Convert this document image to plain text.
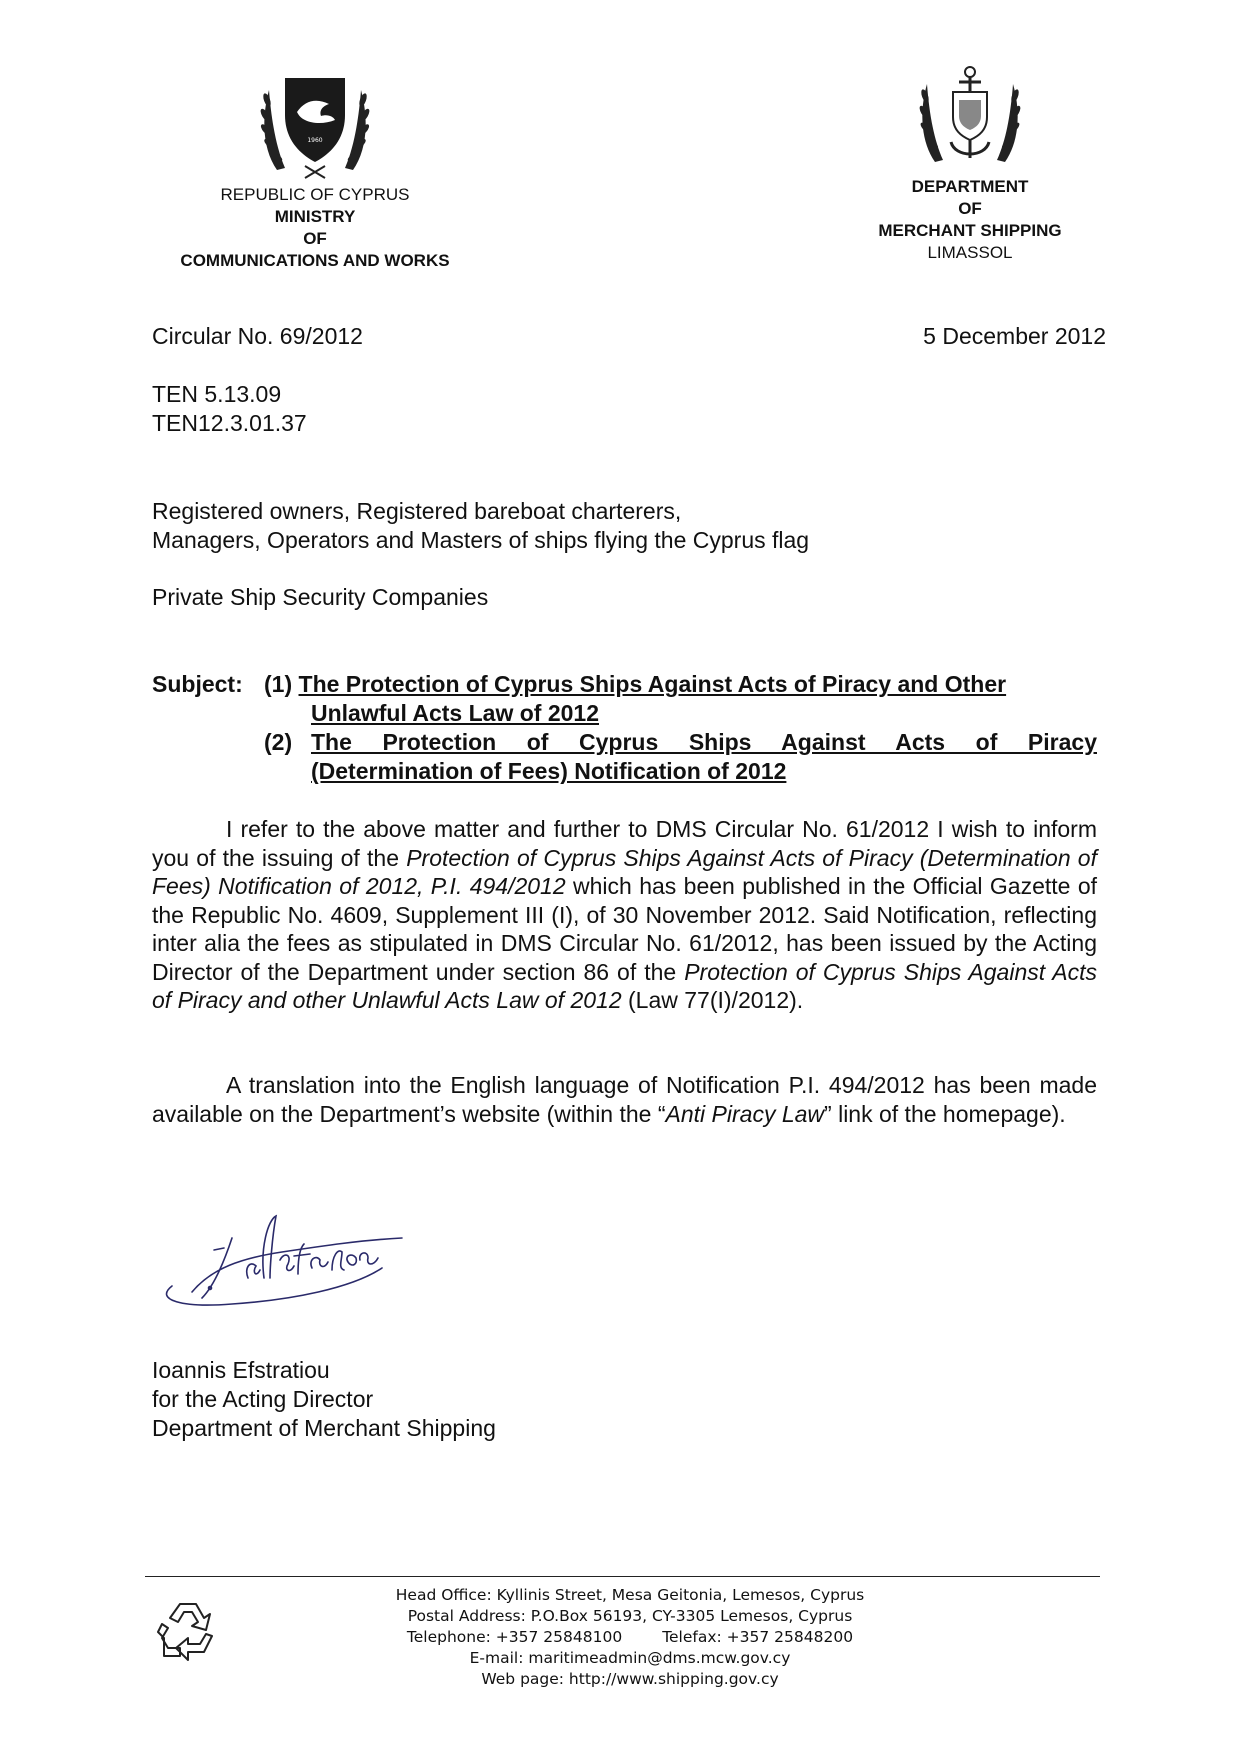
1960
REPUBLIC OF CYPRUS
MINISTRY
OF
COMMUNICATIONS AND WORKS
DEPARTMENT
OF
MERCHANT SHIPPING
LIMASSOL
Circular No. 69/2012	5 December 2012
TEN 5.13.09
TEN12.3.01.37
Registered owners, Registered bareboat charterers,
Managers, Operators and Masters of ships flying the Cyprus flag
Private Ship Security Companies
Subject: (1) The Protection of Cyprus Ships Against Acts of Piracy and Other
Unlawful Acts Law of 2012
(2) The Protection of Cyprus Ships Against Acts of Piracy
(Determination of Fees) Notification of 2012
I refer to the above matter and further to DMS Circular No. 61/2012 I wish to inform you of the issuing of the Protection of Cyprus Ships Against Acts of Piracy (Determination of Fees) Notification of 2012, P.I. 494/2012 which has been published in the Official Gazette of the Republic No. 4609, Supplement III (I), of 30 November 2012. Said Notification, reflecting inter alia the fees as stipulated in DMS Circular No. 61/2012, has been issued by the Acting Director of the Department under section 86 of the Protection of Cyprus Ships Against Acts of Piracy and other Unlawful Acts Law of 2012 (Law 77(I)/2012).
A translation into the English language of Notification P.I. 494/2012 has been made available on the Department’s website (within the “Anti Piracy Law” link of the homepage).
Ioannis Efstratiou
for the Acting Director
Department of Merchant Shipping
Head Office: Kyllinis Street, Mesa Geitonia, Lemesos, Cyprus
Postal Address: P.O.Box 56193, CY-3305 Lemesos, Cyprus
Telephone: +357 25848100	Telefax: +357 25848200
E-mail: maritimeadmin@dms.mcw.gov.cy
Web page: http://www.shipping.gov.cy
